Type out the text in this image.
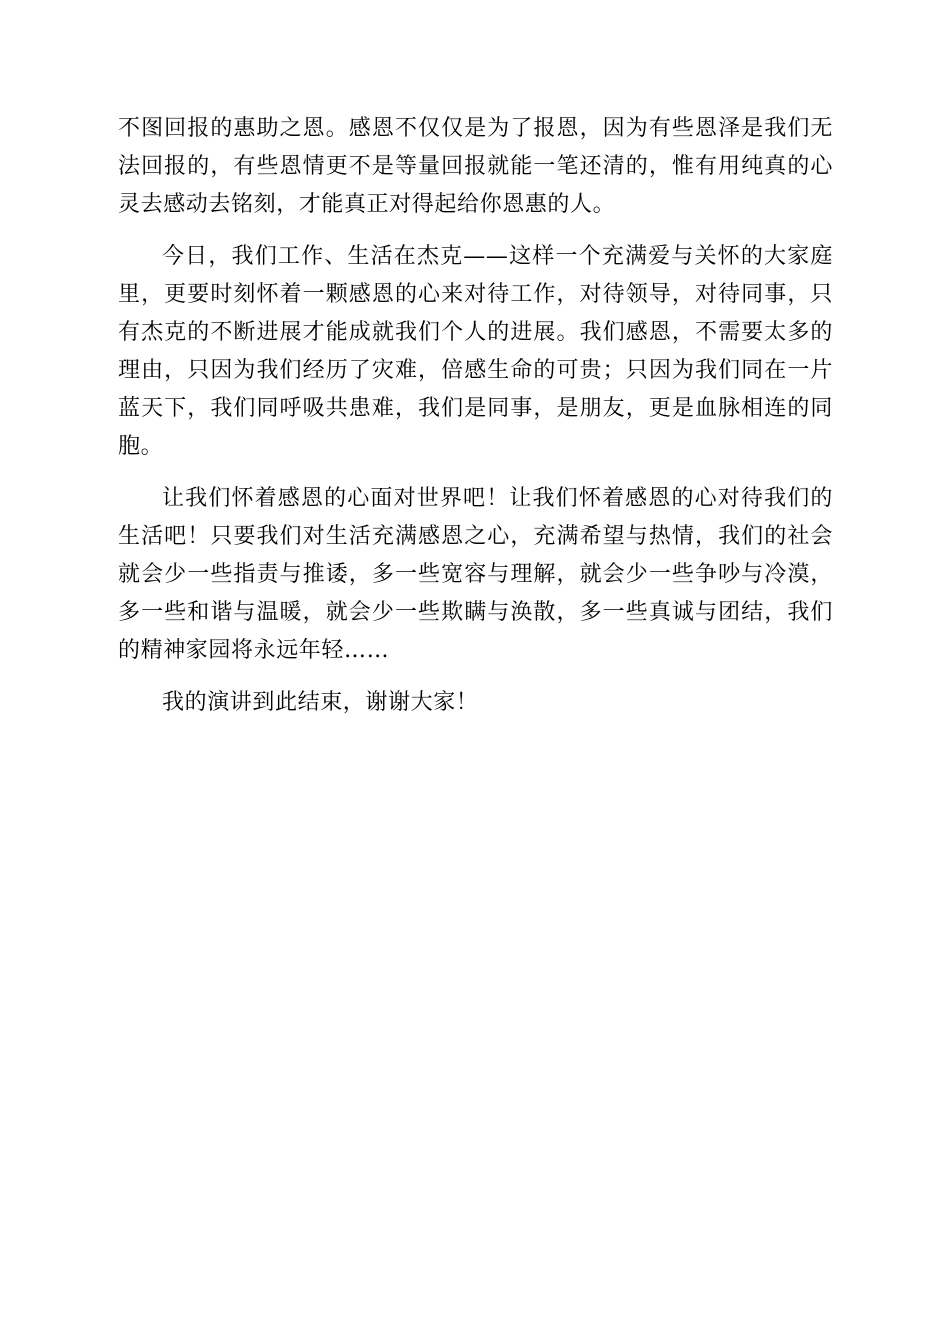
不图回报的惠助之恩。感恩不仅仅是为了报恩，因为有些恩泽是我们无法回报的，有些恩情更不是等量回报就能一笔还清的，惟有用纯真的心灵去感动去铭刻，才能真正对得起给你恩惠的人。

今日，我们工作、生活在杰克——这样一个充满爱与关怀的大家庭里，更要时刻怀着一颗感恩的心来对待工作，对待领导，对待同事，只有杰克的不断进展才能成就我们个人的进展。我们感恩，不需要太多的理由，只因为我们经历了灾难，倍感生命的可贵；只因为我们同在一片蓝天下，我们同呼吸共患难，我们是同事，是朋友，更是血脉相连的同胞。

让我们怀着感恩的心面对世界吧！让我们怀着感恩的心对待我们的生活吧！只要我们对生活充满感恩之心，充满希望与热情，我们的社会就会少一些指责与推诿，多一些宽容与理解，就会少一些争吵与冷漠，多一些和谐与温暖，就会少一些欺瞒与涣散，多一些真诚与团结，我们的精神家园将永远年轻……

我的演讲到此结束，谢谢大家！
